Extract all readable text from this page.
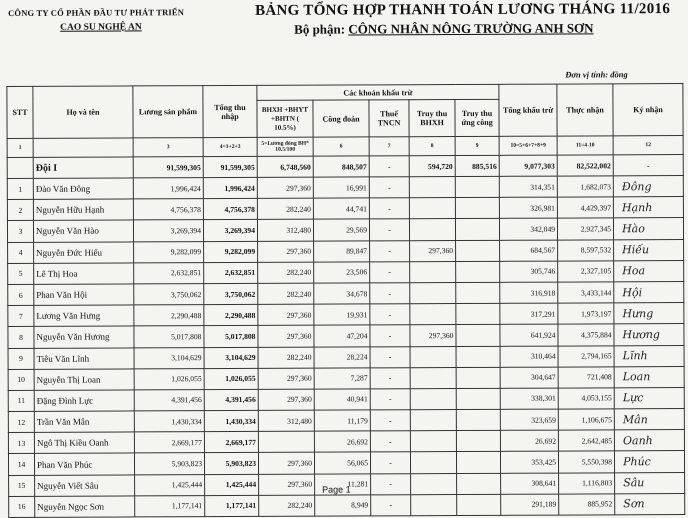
CÔNG TY CỔ PHẦN ĐẦU TƯ PHÁT TRIỂN
CAO SU NGHỆ AN
BẢNG TỔNG HỢP THANH TOÁN LƯƠNG THÁNG 11/2016
Bộ phận: CÔNG NHÂN NÔNG TRƯỜNG ANH SƠN
Đơn vị tính: đồng
STT	Họ và tên	Lương sản phẩm	Tổng thu nhập	Các khoản khấu trừ					Tổng khấu trừ	Thực nhận	Ký nhận
				BHXH +BHYT +BHTN ( 10.5%)	Công đoàn	Thuế TNCN	Truy thu BHXH	Truy thu ứng công			
1		3	4=1+2+3	5=Lương đóng BH* 10.5/100	6	7	8	9	10=5+6+7+8+9	11=4-10	12
	Đội I	91,599,305	91,599,305	6,748,560	848,507	-	594,720	885,516	9,077,303	82,522,002	-
1	Đào Văn Đông	1,996,424	1,996,424	297,360	16,991	-			314,351	1,682,073	Đông
2	Nguyễn Hữu Hạnh	4,756,378	4,756,378	282,240	44,741	-			326,981	4,429,397	Hạnh
3	Nguyễn Văn Hào	3,269,394	3,269,394	312,480	29,569	-			342,049	2,927,345	Hào
4	Nguyễn Đức Hiếu	9,282,099	9,282,099	297,360	89,847	-	297,360		684,567	8,597,532	Hiếu
5	Lê Thị Hoa	2,632,851	2,632,851	282,240	23,506	-			305,746	2,327,105	Hoa
6	Phan Văn Hội	3,750,062	3,750,062	282,240	34,678	-			316,918	3,433,144	Hội
7	Lương Văn Hưng	2,290,488	2,290,488	297,360	19,931	-			317,291	1,973,197	Hưng
8	Nguyễn Văn Hương	5,017,808	5,017,808	297,360	47,204	-	297,360		641,924	4,375,884	Hương
9	Tiêu Văn Lĩnh	3,104,629	3,104,629	282,240	28,224	-			310,464	2,794,165	Lĩnh
10	Nguyễn Thị Loan	1,026,055	1,026,055	297,360	7,287	-			304,647	721,408	Loan
11	Đặng Đình Lực	4,391,456	4,391,456	297,360	40,941	-			338,301	4,053,155	Lực
12	Trần Văn Mân	1,430,334	1,430,334	312,480	11,179	-			323,659	1,106,675	Mân
13	Ngô Thị Kiều Oanh	2,669,177	2,669,177		26,692	-			26,692	2,642,485	Oanh
14	Phan Văn Phúc	5,903,823	5,903,823	297,360	56,065	-			353,425	5,550,398	Phúc
15	Nguyễn Viết Sâu	1,425,444	1,425,444	297,360	11,281	-			308,641	1,116,803	Sâu
16	Nguyễn Ngọc Sơn	1,177,141	1,177,141	282,240	8,949	-			291,189	885,952	Sơn
Page 1
